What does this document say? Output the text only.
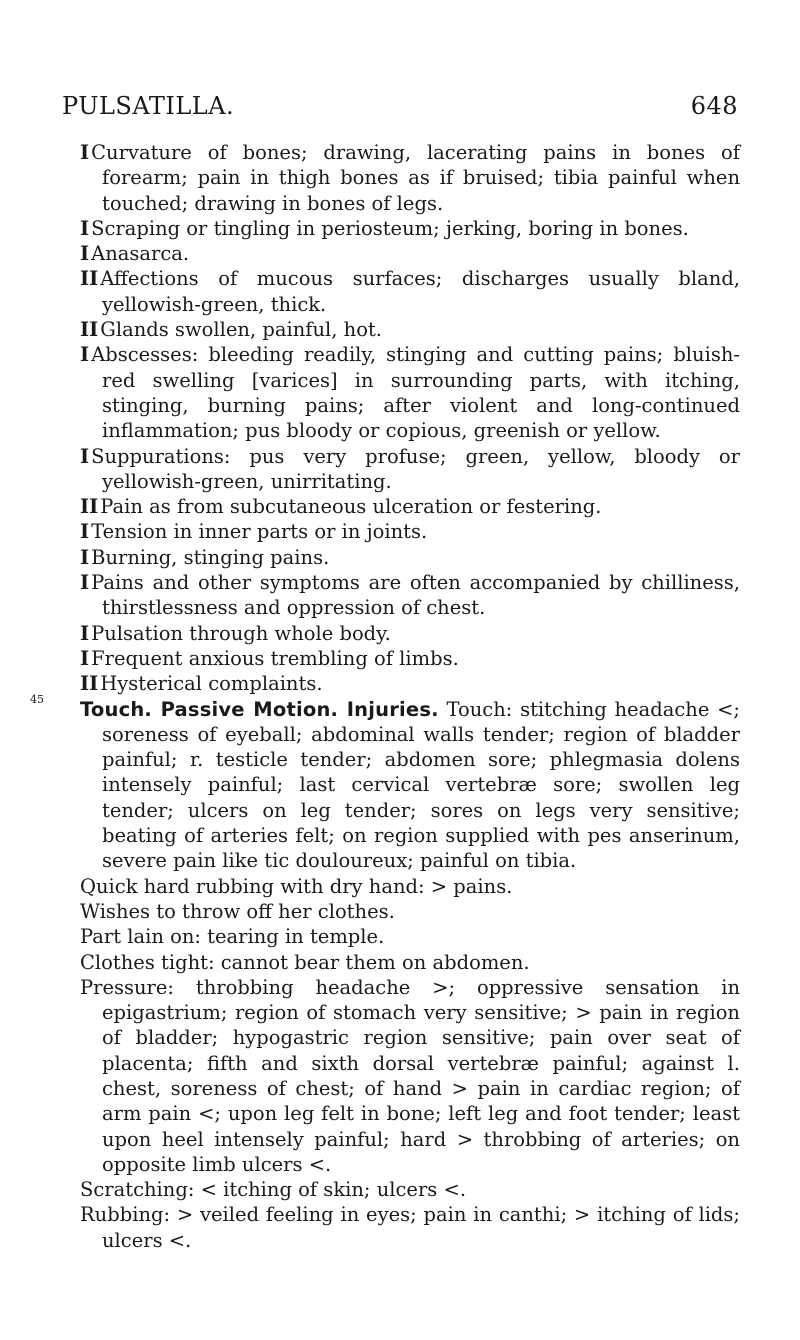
PULSATILLA.	648

I Curvature of bones; drawing, lacerating pains in bones of forearm; pain in thigh bones as if bruised; tibia painful when touched; drawing in bones of legs.

I Scraping or tingling in periosteum; jerking, boring in bones.

I Anasarca.

II Affections of mucous surfaces; discharges usually bland, yellowish-green, thick.

II Glands swollen, painful, hot.

I Abscesses: bleeding readily, stinging and cutting pains; bluish-red swelling [varices] in surrounding parts, with itching, stinging, burning pains; after violent and long-continued inflammation; pus bloody or copious, greenish or yellow.

I Suppurations: pus very profuse; green, yellow, bloody or yellowish-green, unirritating.

II Pain as from subcutaneous ulceration or festering.

I Tension in inner parts or in joints.

I Burning, stinging pains.

I Pains and other symptoms are often accompanied by chilliness, thirstlessness and oppression of chest.

I Pulsation through whole body.

I Frequent anxious trembling of limbs.

II Hysterical complaints.

45	Touch. Passive Motion. Injuries. Touch: stitching headache <; soreness of eyeball; abdominal walls tender; region of bladder painful; r. testicle tender; abdomen sore; phlegmasia dolens intensely painful; last cervical vertebræ sore; swollen leg tender; ulcers on leg tender; sores on legs very sensitive; beating of arteries felt; on region supplied with pes anserinum, severe pain like tic douloureux; painful on tibia.

Quick hard rubbing with dry hand: > pains.

Wishes to throw off her clothes.

Part lain on: tearing in temple.

Clothes tight: cannot bear them on abdomen.

Pressure: throbbing headache >; oppressive sensation in epigastrium; region of stomach very sensitive; > pain in region of bladder; hypogastric region sensitive; pain over seat of placenta; fifth and sixth dorsal vertebræ painful; against l. chest, soreness of chest; of hand > pain in cardiac region; of arm pain <; upon leg felt in bone; left leg and foot tender; least upon heel intensely painful; hard > throbbing of arteries; on opposite limb ulcers <.

Scratching: < itching of skin; ulcers <.

Rubbing: > veiled feeling in eyes; pain in canthi; > itching of lids; ulcers <.
